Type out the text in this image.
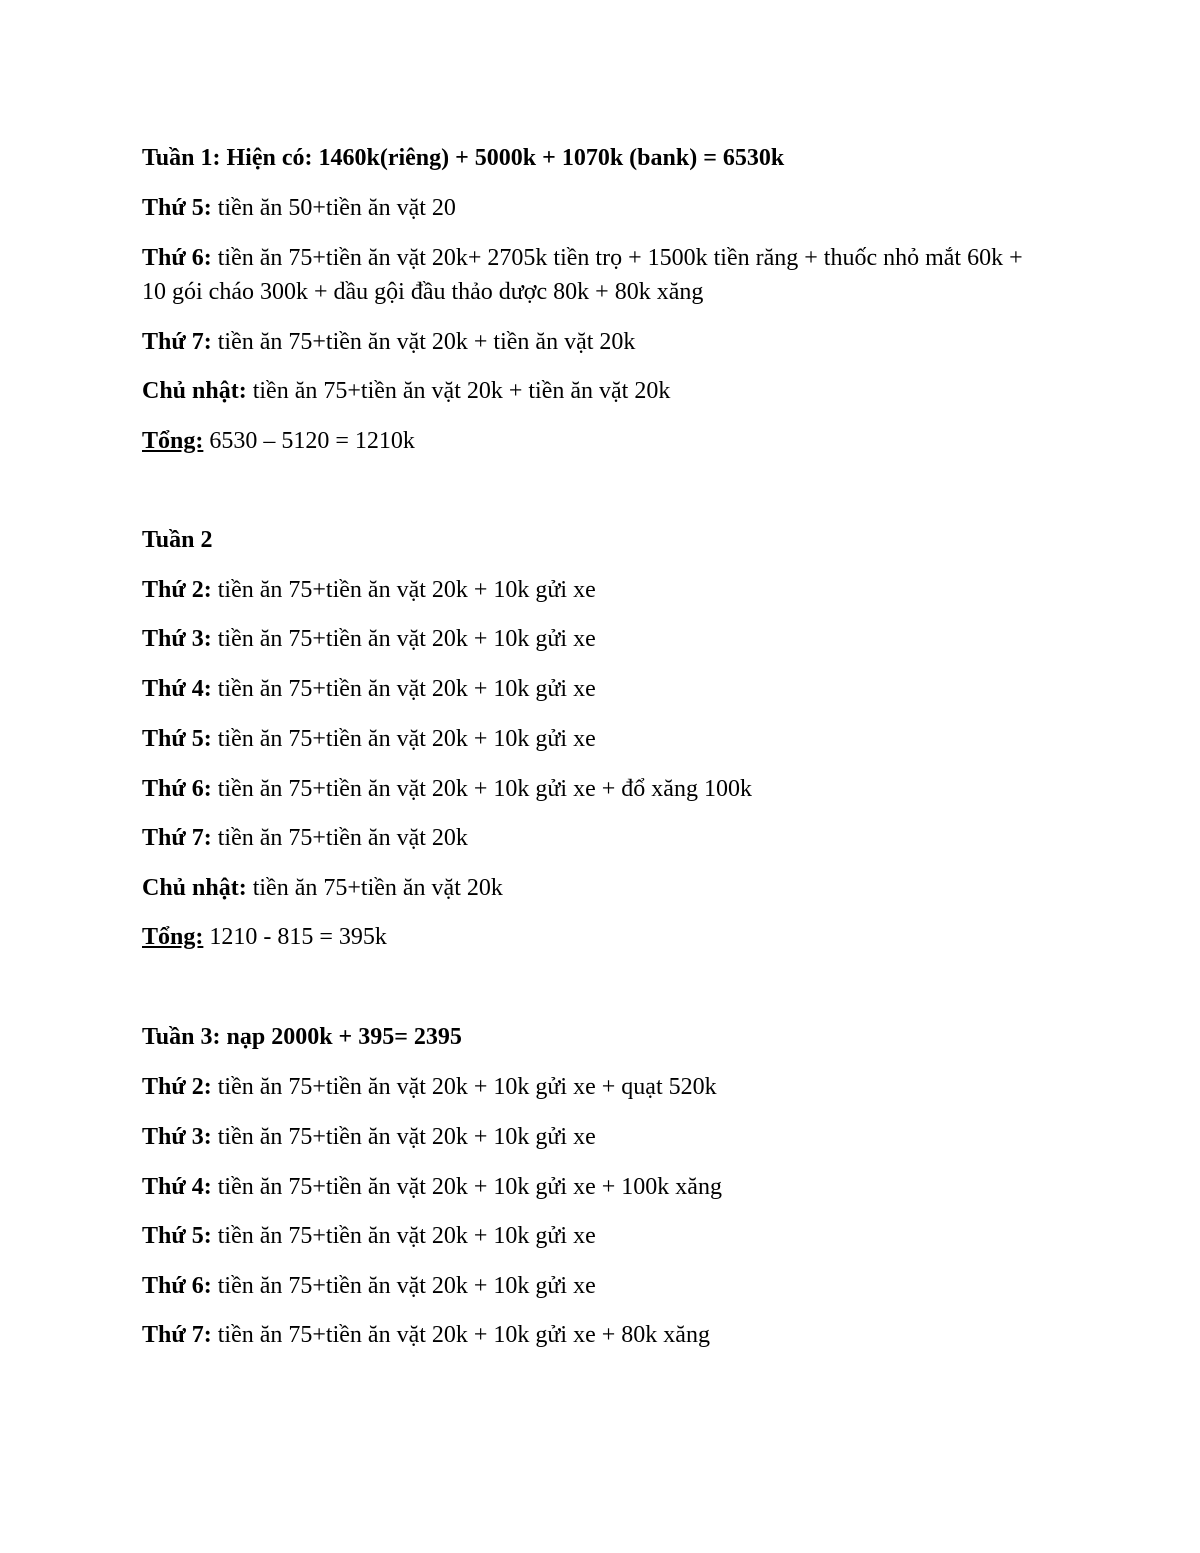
Tuần 1: Hiện có: 1460k(riêng) + 5000k + 1070k (bank) = 6530k
Thứ 5: tiền ăn 50+tiền ăn vặt 20
Thứ 6: tiền ăn 75+tiền ăn vặt 20k+ 2705k tiền trọ + 1500k tiền răng + thuốc nhỏ mắt 60k + 10 gói cháo 300k + dầu gội đầu thảo dược 80k + 80k xăng
Thứ 7: tiền ăn 75+tiền ăn vặt 20k + tiền ăn vặt 20k
Chủ nhật: tiền ăn 75+tiền ăn vặt 20k + tiền ăn vặt 20k
Tổng: 6530 – 5120 = 1210k
Tuần 2
Thứ 2: tiền ăn 75+tiền ăn vặt 20k + 10k gửi xe
Thứ 3: tiền ăn 75+tiền ăn vặt 20k + 10k gửi xe
Thứ 4: tiền ăn 75+tiền ăn vặt 20k + 10k gửi xe
Thứ 5: tiền ăn 75+tiền ăn vặt 20k + 10k gửi xe
Thứ 6: tiền ăn 75+tiền ăn vặt 20k + 10k gửi xe + đổ xăng 100k
Thứ 7: tiền ăn 75+tiền ăn vặt 20k
Chủ nhật: tiền ăn 75+tiền ăn vặt 20k
Tổng: 1210 - 815 = 395k
Tuần 3: nạp 2000k + 395= 2395
Thứ 2: tiền ăn 75+tiền ăn vặt 20k + 10k gửi xe + quạt 520k
Thứ 3: tiền ăn 75+tiền ăn vặt 20k + 10k gửi xe
Thứ 4: tiền ăn 75+tiền ăn vặt 20k + 10k gửi xe + 100k xăng
Thứ 5: tiền ăn 75+tiền ăn vặt 20k + 10k gửi xe
Thứ 6: tiền ăn 75+tiền ăn vặt 20k + 10k gửi xe
Thứ 7: tiền ăn 75+tiền ăn vặt 20k + 10k gửi xe + 80k xăng
